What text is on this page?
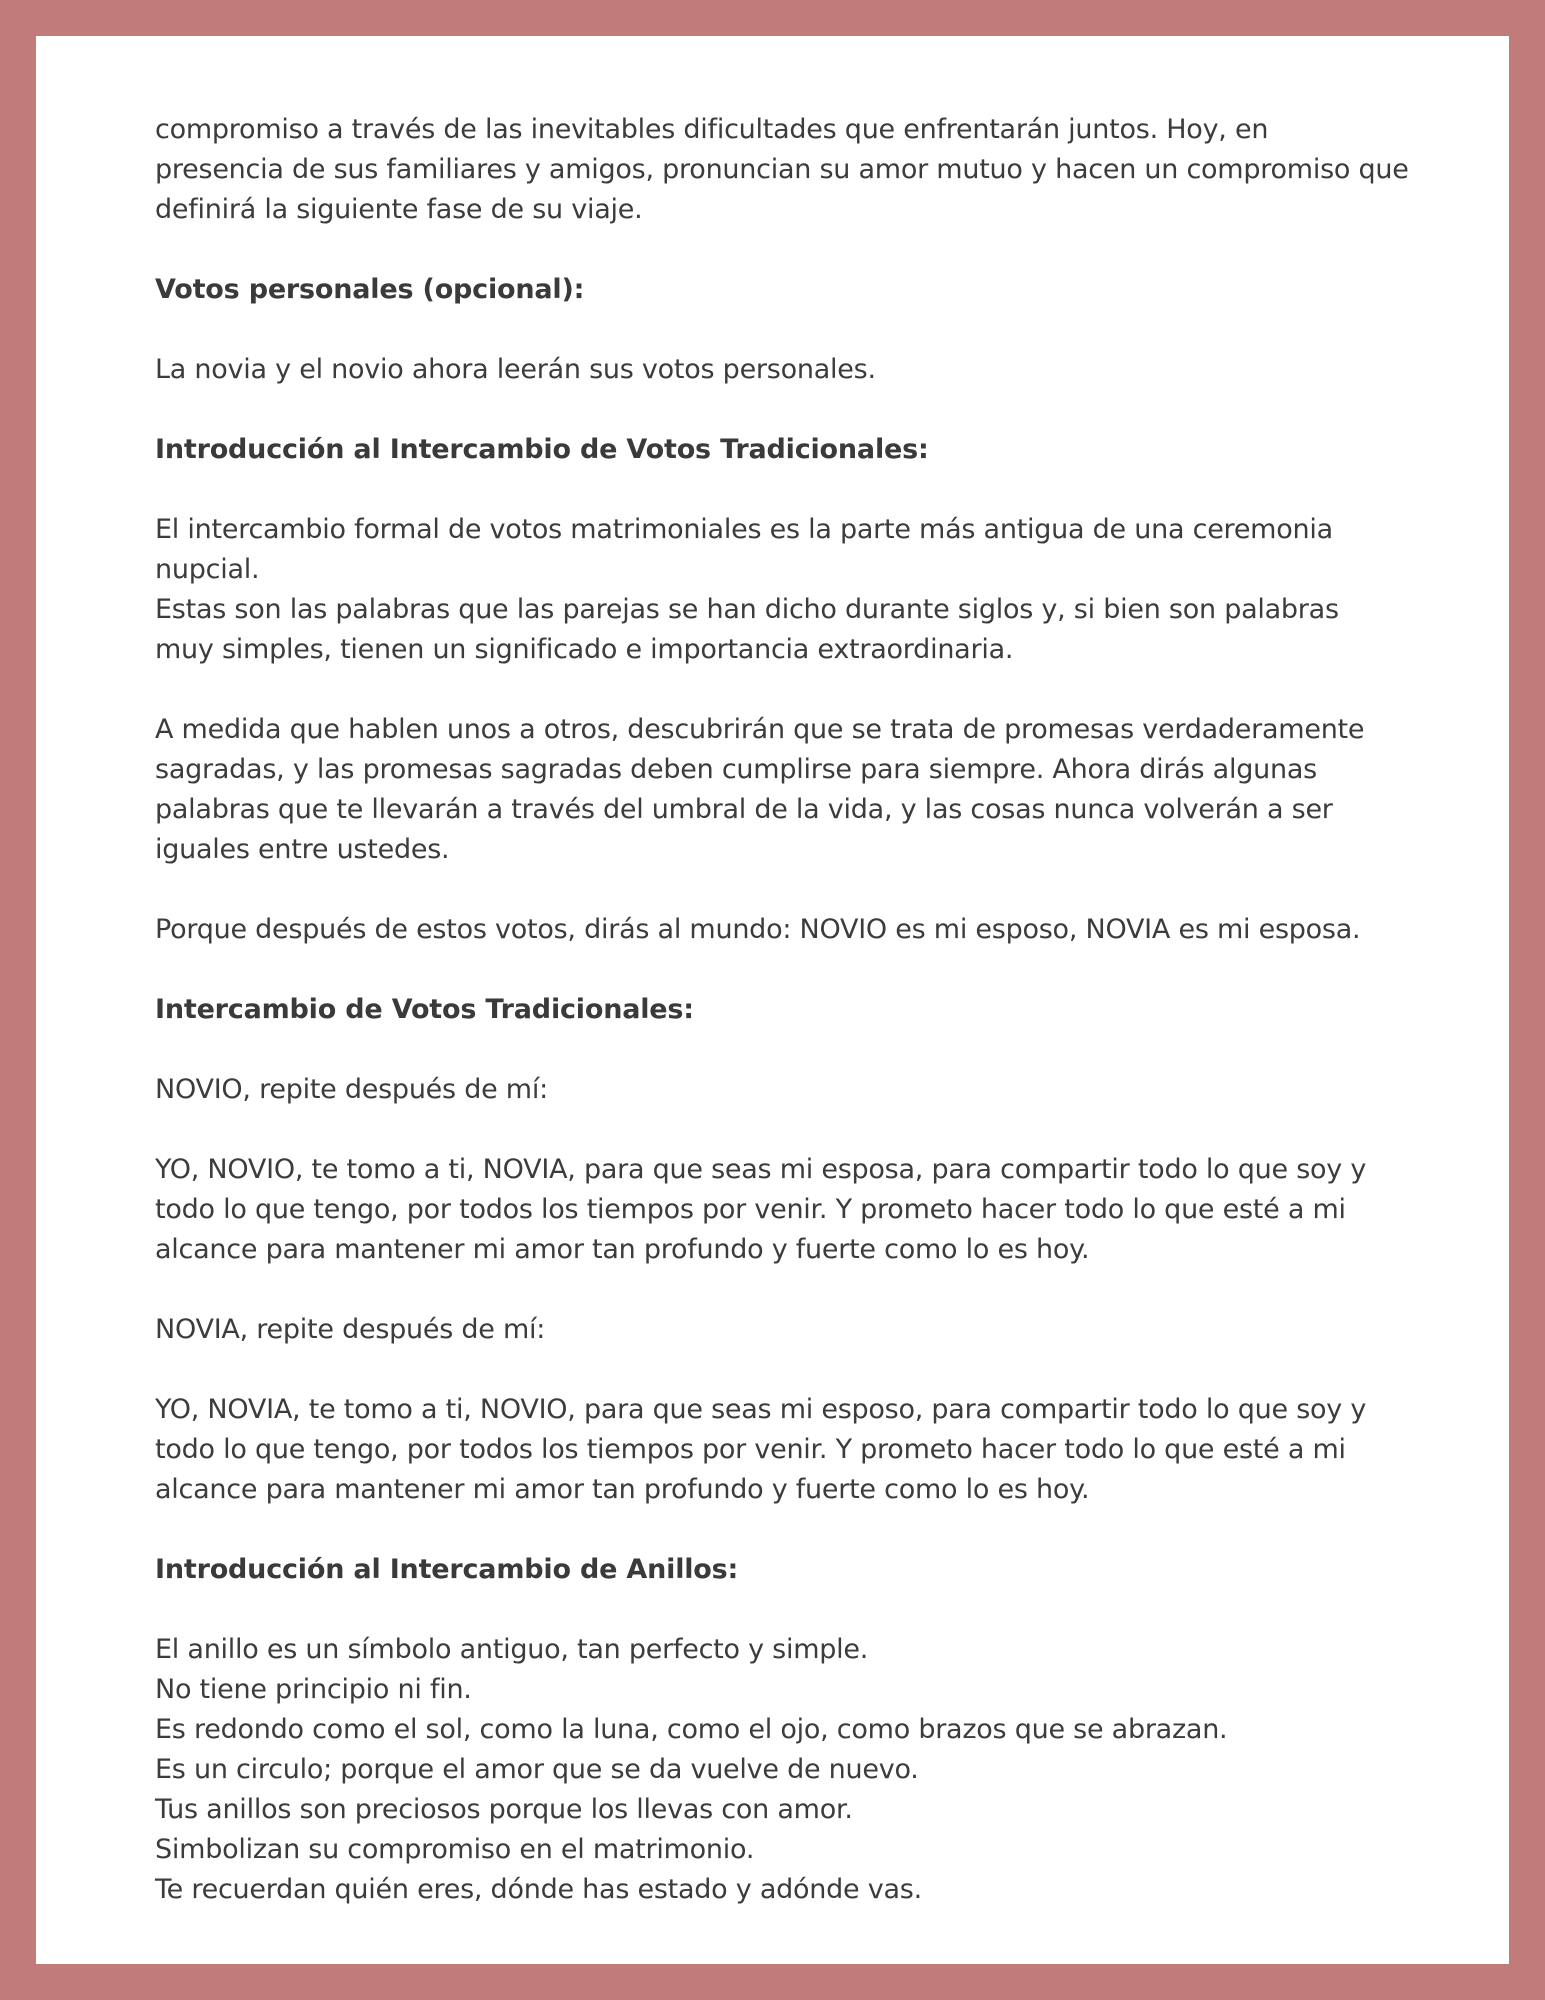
compromiso a través de las inevitables dificultades que enfrentarán juntos. Hoy, en
presencia de sus familiares y amigos, pronuncian su amor mutuo y hacen un compromiso que
definirá la siguiente fase de su viaje.

Votos personales (opcional):

La novia y el novio ahora leerán sus votos personales.

Introducción al Intercambio de Votos Tradicionales:

El intercambio formal de votos matrimoniales es la parte más antigua de una ceremonia
nupcial.
Estas son las palabras que las parejas se han dicho durante siglos y, si bien son palabras
muy simples, tienen un significado e importancia extraordinaria.

A medida que hablen unos a otros, descubrirán que se trata de promesas verdaderamente
sagradas, y las promesas sagradas deben cumplirse para siempre. Ahora dirás algunas
palabras que te llevarán a través del umbral de la vida, y las cosas nunca volverán a ser
iguales entre ustedes.

Porque después de estos votos, dirás al mundo: NOVIO es mi esposo, NOVIA es mi esposa.

Intercambio de Votos Tradicionales:

NOVIO, repite después de mí:

YO, NOVIO, te tomo a ti, NOVIA, para que seas mi esposa, para compartir todo lo que soy y
todo lo que tengo, por todos los tiempos por venir. Y prometo hacer todo lo que esté a mi
alcance para mantener mi amor tan profundo y fuerte como lo es hoy.

NOVIA, repite después de mí:

YO, NOVIA, te tomo a ti, NOVIO, para que seas mi esposo, para compartir todo lo que soy y
todo lo que tengo, por todos los tiempos por venir. Y prometo hacer todo lo que esté a mi
alcance para mantener mi amor tan profundo y fuerte como lo es hoy.

Introducción al Intercambio de Anillos:

El anillo es un símbolo antiguo, tan perfecto y simple.
No tiene principio ni fin.
Es redondo como el sol, como la luna, como el ojo, como brazos que se abrazan.
Es un circulo; porque el amor que se da vuelve de nuevo.
Tus anillos son preciosos porque los llevas con amor.
Simbolizan su compromiso en el matrimonio.
Te recuerdan quién eres, dónde has estado y adónde vas.
